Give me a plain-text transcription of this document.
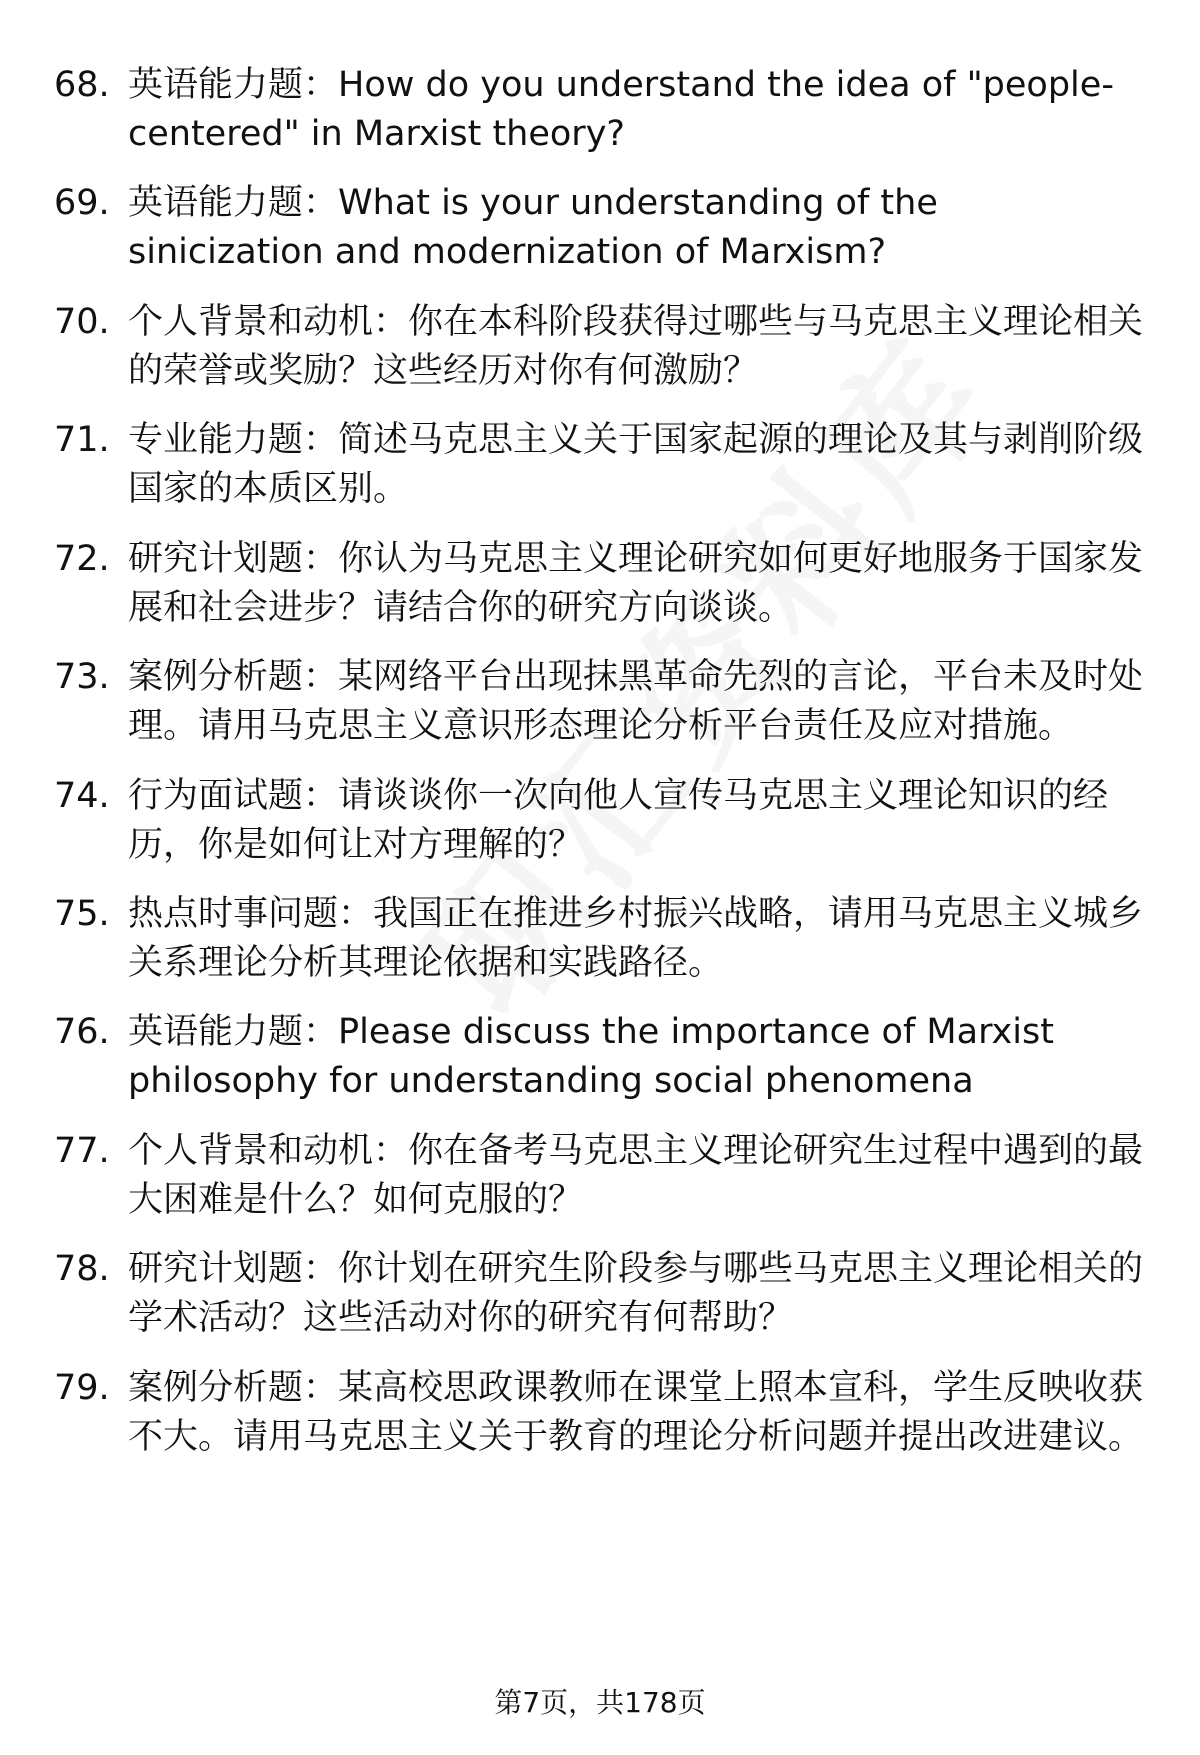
68. 英语能力题：How do you understand the idea of "people-centered" in Marxist theory?
69. 英语能力题：What is your understanding of the sinicization and modernization of Marxism?
70. 个人背景和动机：你在本科阶段获得过哪些与马克思主义理论相关的荣誉或奖励？这些经历对你有何激励？
71. 专业能力题：简述马克思主义关于国家起源的理论及其与剥削阶级国家的本质区别。
72. 研究计划题：你认为马克思主义理论研究如何更好地服务于国家发展和社会进步？请结合你的研究方向谈谈。
73. 案例分析题：某网络平台出现抹黑革命先烈的言论，平台未及时处理。请用马克思主义意识形态理论分析平台责任及应对措施。
74. 行为面试题：请谈谈你一次向他人宣传马克思主义理论知识的经历，你是如何让对方理解的？
75. 热点时事问题：我国正在推进乡村振兴战略，请用马克思主义城乡关系理论分析其理论依据和实践路径。
76. 英语能力题：Please discuss the importance of Marxist philosophy for understanding social phenomena
77. 个人背景和动机：你在备考马克思主义理论研究生过程中遇到的最大困难是什么？如何克服的？
78. 研究计划题：你计划在研究生阶段参与哪些马克思主义理论相关的学术活动？这些活动对你的研究有何帮助？
79. 案例分析题：某高校思政课教师在课堂上照本宣科，学生反映收获不大。请用马克思主义关于教育的理论分析问题并提出改进建议。
第7页，共178页
